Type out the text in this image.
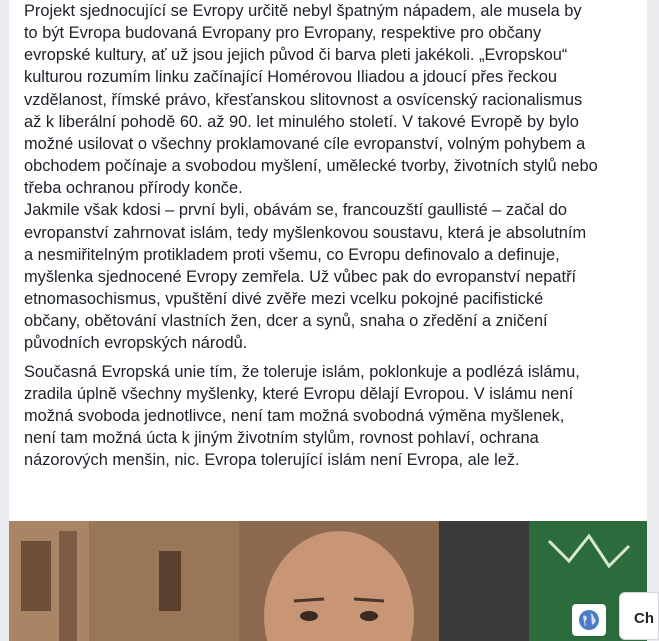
Projekt sjednocující se Evropy určitě nebyl špatným nápadem, ale musela by
to být Evropa budovaná Evropany pro Evropany, respektive pro občany
evropské kultury, ať už jsou jejich původ či barva pleti jakékoli. „Evropskou“
kulturou rozumím linku začínající Homérovou Iliadou a jdoucí přes řeckou
vzdělanost, římské právo, křesťanskou slitovnost a osvícenský racionalismus
až k liberální pohodě 60. až 90. let minulého století. V takové Evropě by bylo
možné usilovat o všechny proklamované cíle evropanství, volným pohybem a
obchodem počínaje a svobodou myšlení, umělecké tvorby, životních stylů nebo
třeba ochranou přírody konče.

Jakmile však kdosi – první byli, obávám se, francouzští gaullisté – začal do
evropanství zahrnovat islám, tedy myšlenkovou soustavu, která je absolutním
a nesmiřitelným protikladem proti všemu, co Evropu definovalo a definuje,
myšlenka sjednocené Evropy zemřela. Už vůbec pak do evropanství nepatří
etnomasochismus, vpuštění divé zvěře mezi vcelku pokojné pacifistické
občany, obětování vlastních žen, dcer a synů, snaha o zředění a zničení
původních evropských národů.

Současná Evropská unie tím, že toleruje islám, poklonkuje a podlézá islámu,
zradila úplně všechny myšlenky, které Evropu dělají Evropou. V islámu není
možná svoboda jednotlivce, není tam možná svobodná výměna myšlenek,
není tam možná úcta k jiným životním stylům, rovnost pohlaví, ochrana
názorových menšin, nic. Evropa tolerující islám není Evropa, ale lež.

Ch
